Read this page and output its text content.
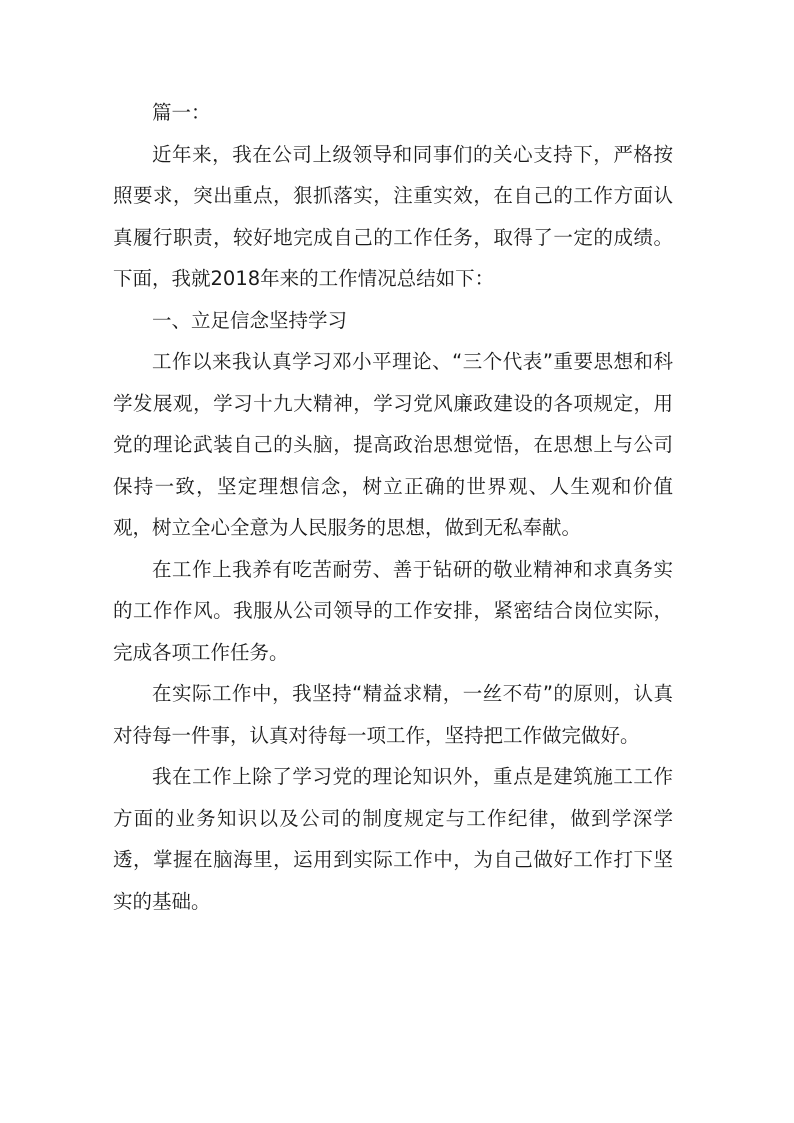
篇一：

近年来，我在公司上级领导和同事们的关心支持下，严格按照要求，突出重点，狠抓落实，注重实效，在自己的工作方面认真履行职责，较好地完成自己的工作任务，取得了一定的成绩。下面，我就2018年来的工作情况总结如下：

一、立足信念坚持学习

工作以来我认真学习邓小平理论、“三个代表”重要思想和科学发展观，学习十九大精神，学习党风廉政建设的各项规定，用党的理论武装自己的头脑，提高政治思想觉悟，在思想上与公司保持一致，坚定理想信念，树立正确的世界观、人生观和价值观，树立全心全意为人民服务的思想，做到无私奉献。

在工作上我养有吃苦耐劳、善于钻研的敬业精神和求真务实的工作作风。我服从公司领导的工作安排，紧密结合岗位实际，完成各项工作任务。

在实际工作中，我坚持“精益求精，一丝不苟”的原则，认真对待每一件事，认真对待每一项工作，坚持把工作做完做好。

我在工作上除了学习党的理论知识外，重点是建筑施工工作方面的业务知识以及公司的制度规定与工作纪律，做到学深学透，掌握在脑海里，运用到实际工作中，为自己做好工作打下坚实的基础。
